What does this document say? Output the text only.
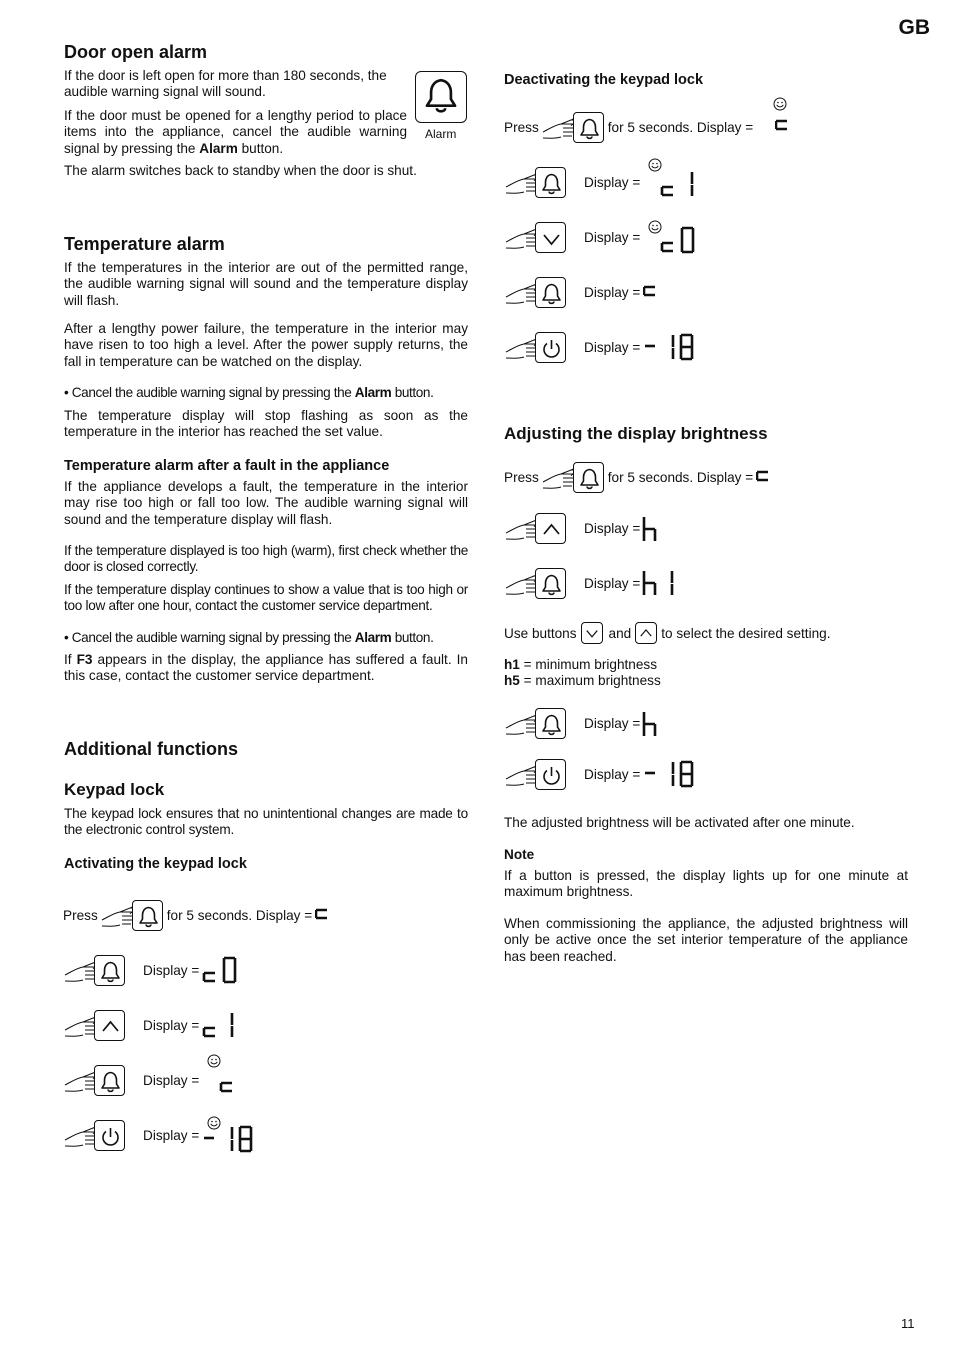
GB
Door open alarm

If the door is left open for more than 180 seconds, the audible warning signal will sound.

If the door must be opened for a lengthy period to place items into the appliance, cancel the audible warning signal by pressing the Alarm button.

The alarm switches back to standby when the door is shut.

Alarm
Temperature alarm

If the temperatures in the interior are out of the permitted range, the audible warning signal will sound and the temperature display will flash.

After a lengthy power failure, the temperature in the interior may have risen to too high a level. After the power supply returns, the fall in temperature can be watched on the display.

• Cancel the audible warning signal by pressing the Alarm button.

The temperature display will stop flashing as soon as the temperature in the interior has reached the set value.

Temperature alarm after a fault in the appliance

If the appliance develops a fault, the temperature in the interior may rise too high or fall too low. The audible warning signal will sound and the temperature display will flash.

If the temperature displayed is too high (warm), first check whether the door is closed correctly.

If the temperature display continues to show a value that is too high or too low after one hour, contact the customer service department.

• Cancel the audible warning signal by pressing the Alarm button.

If F3 appears in the display, the appliance has suffered a fault. In this case, contact the customer service department.

Additional functions
Keypad lock

The keypad lock ensures that no unintentional changes are made to the electronic control system.

Activating the keypad lock
Press	for 5 seconds. Display =
Display =
Display =
Display =
Display =
Deactivating the keypad lock
Press	for 5 seconds. Display =
Display =
Display =
Display =
Display =
Adjusting the display brightness
Press	for 5 seconds. Display =
Display =
Display =
Use buttons and to select the desired setting.

h1 = minimum brightness

h5 = maximum brightness

Display =
Display =

The adjusted brightness will be activated after one minute.

Note

If a button is pressed, the display lights up for one minute at maximum brightness.

When commissioning the appliance, the adjusted brightness will only be active once the set interior temperature of the appliance has been reached.

11
